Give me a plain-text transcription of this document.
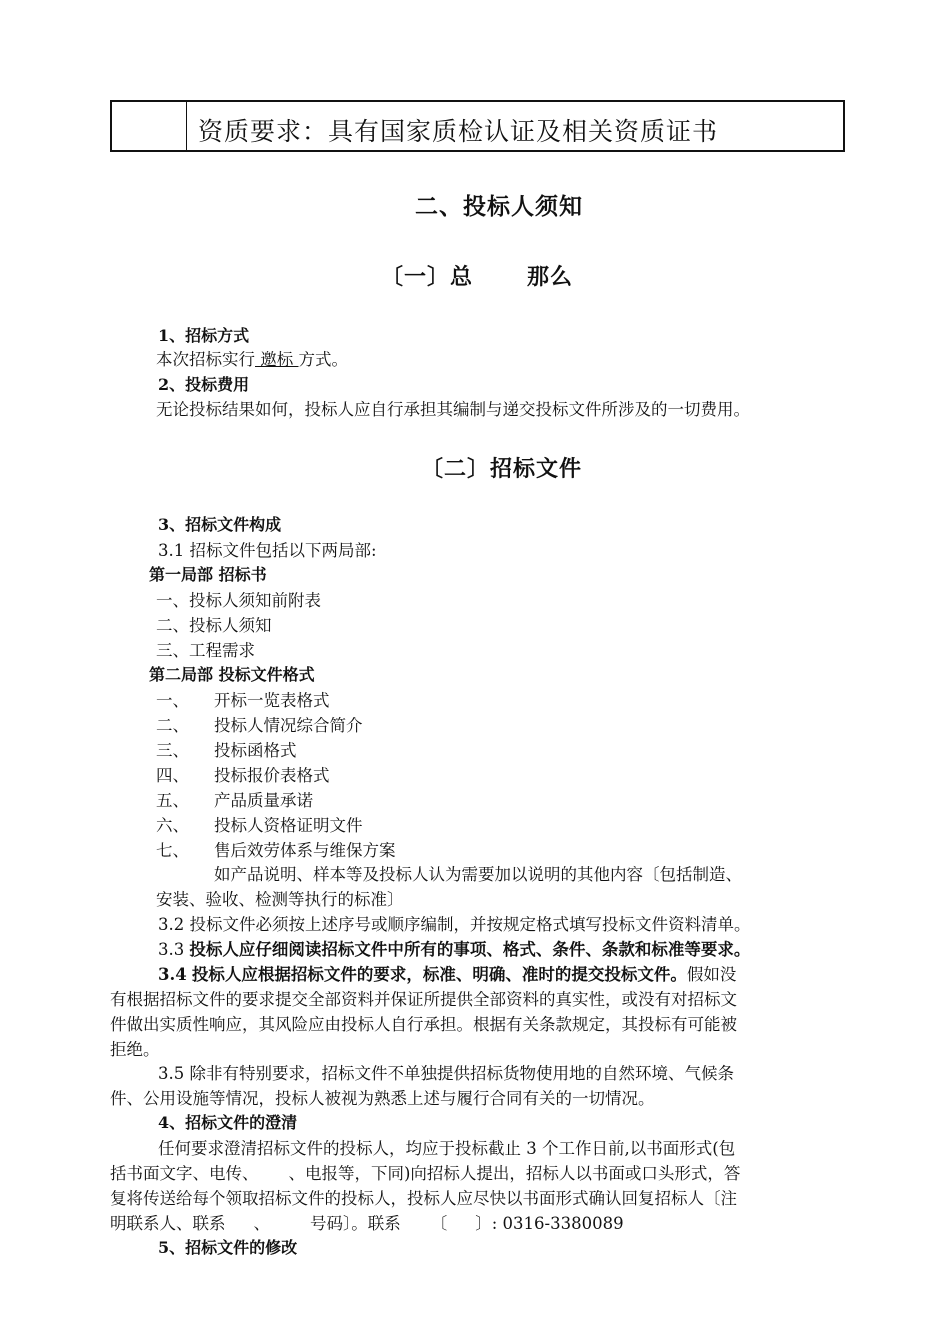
资质要求：具有国家质检认证及相关资质证书
二、投标人须知
〔一〕总 那么
1、招标方式
本次招标实行 邀标 方式。
2、投标费用
无论投标结果如何，投标人应自行承担其编制与递交投标文件所涉及的一切费用。
〔二〕招标文件
3、招标文件构成
3.1 招标文件包括以下两局部:
第一局部 招标书
一、投标人须知前附表
二、投标人须知
三、工程需求
第二局部 投标文件格式
一、 开标一览表格式
二、 投标人情况综合简介
三、 投标函格式
四、 投标报价表格式
五、 产品质量承诺
六、 投标人资格证明文件
七、 售后效劳体系与维保方案
如产品说明、样本等及投标人认为需要加以说明的其他内容〔包括制造、
安装、验收、检测等执行的标准〕
3.2 投标文件必须按上述序号或顺序编制，并按规定格式填写投标文件资料清单。
3.3 投标人应仔细阅读招标文件中所有的事项、格式、条件、条款和标准等要求。
3.4 投标人应根据招标文件的要求，标准、明确、准时的提交投标文件。假如没
有根据招标文件的要求提交全部资料并保证所提供全部资料的真实性，或没有对招标文
件做出实质性响应，其风险应由投标人自行承担。根据有关条款规定，其投标有可能被
拒绝。
3.5 除非有特别要求，招标文件不单独提供招标货物使用地的自然环境、气候条
件、公用设施等情况，投标人被视为熟悉上述与履行合同有关的一切情况。
4、招标文件的澄清
任何要求澄清招标文件的投标人，均应于投标截止 3 个工作日前,以书面形式(包
括书面文字、电传、 、电报等，下同)向招标人提出，招标人以书面或口头形式，答
复将传送给每个领取招标文件的投标人，投标人应尽快以书面形式确认回复招标人〔注
明联系人、联系 、 号码〕。联系 〔 〕: 0316-3380089
5、招标文件的修改
